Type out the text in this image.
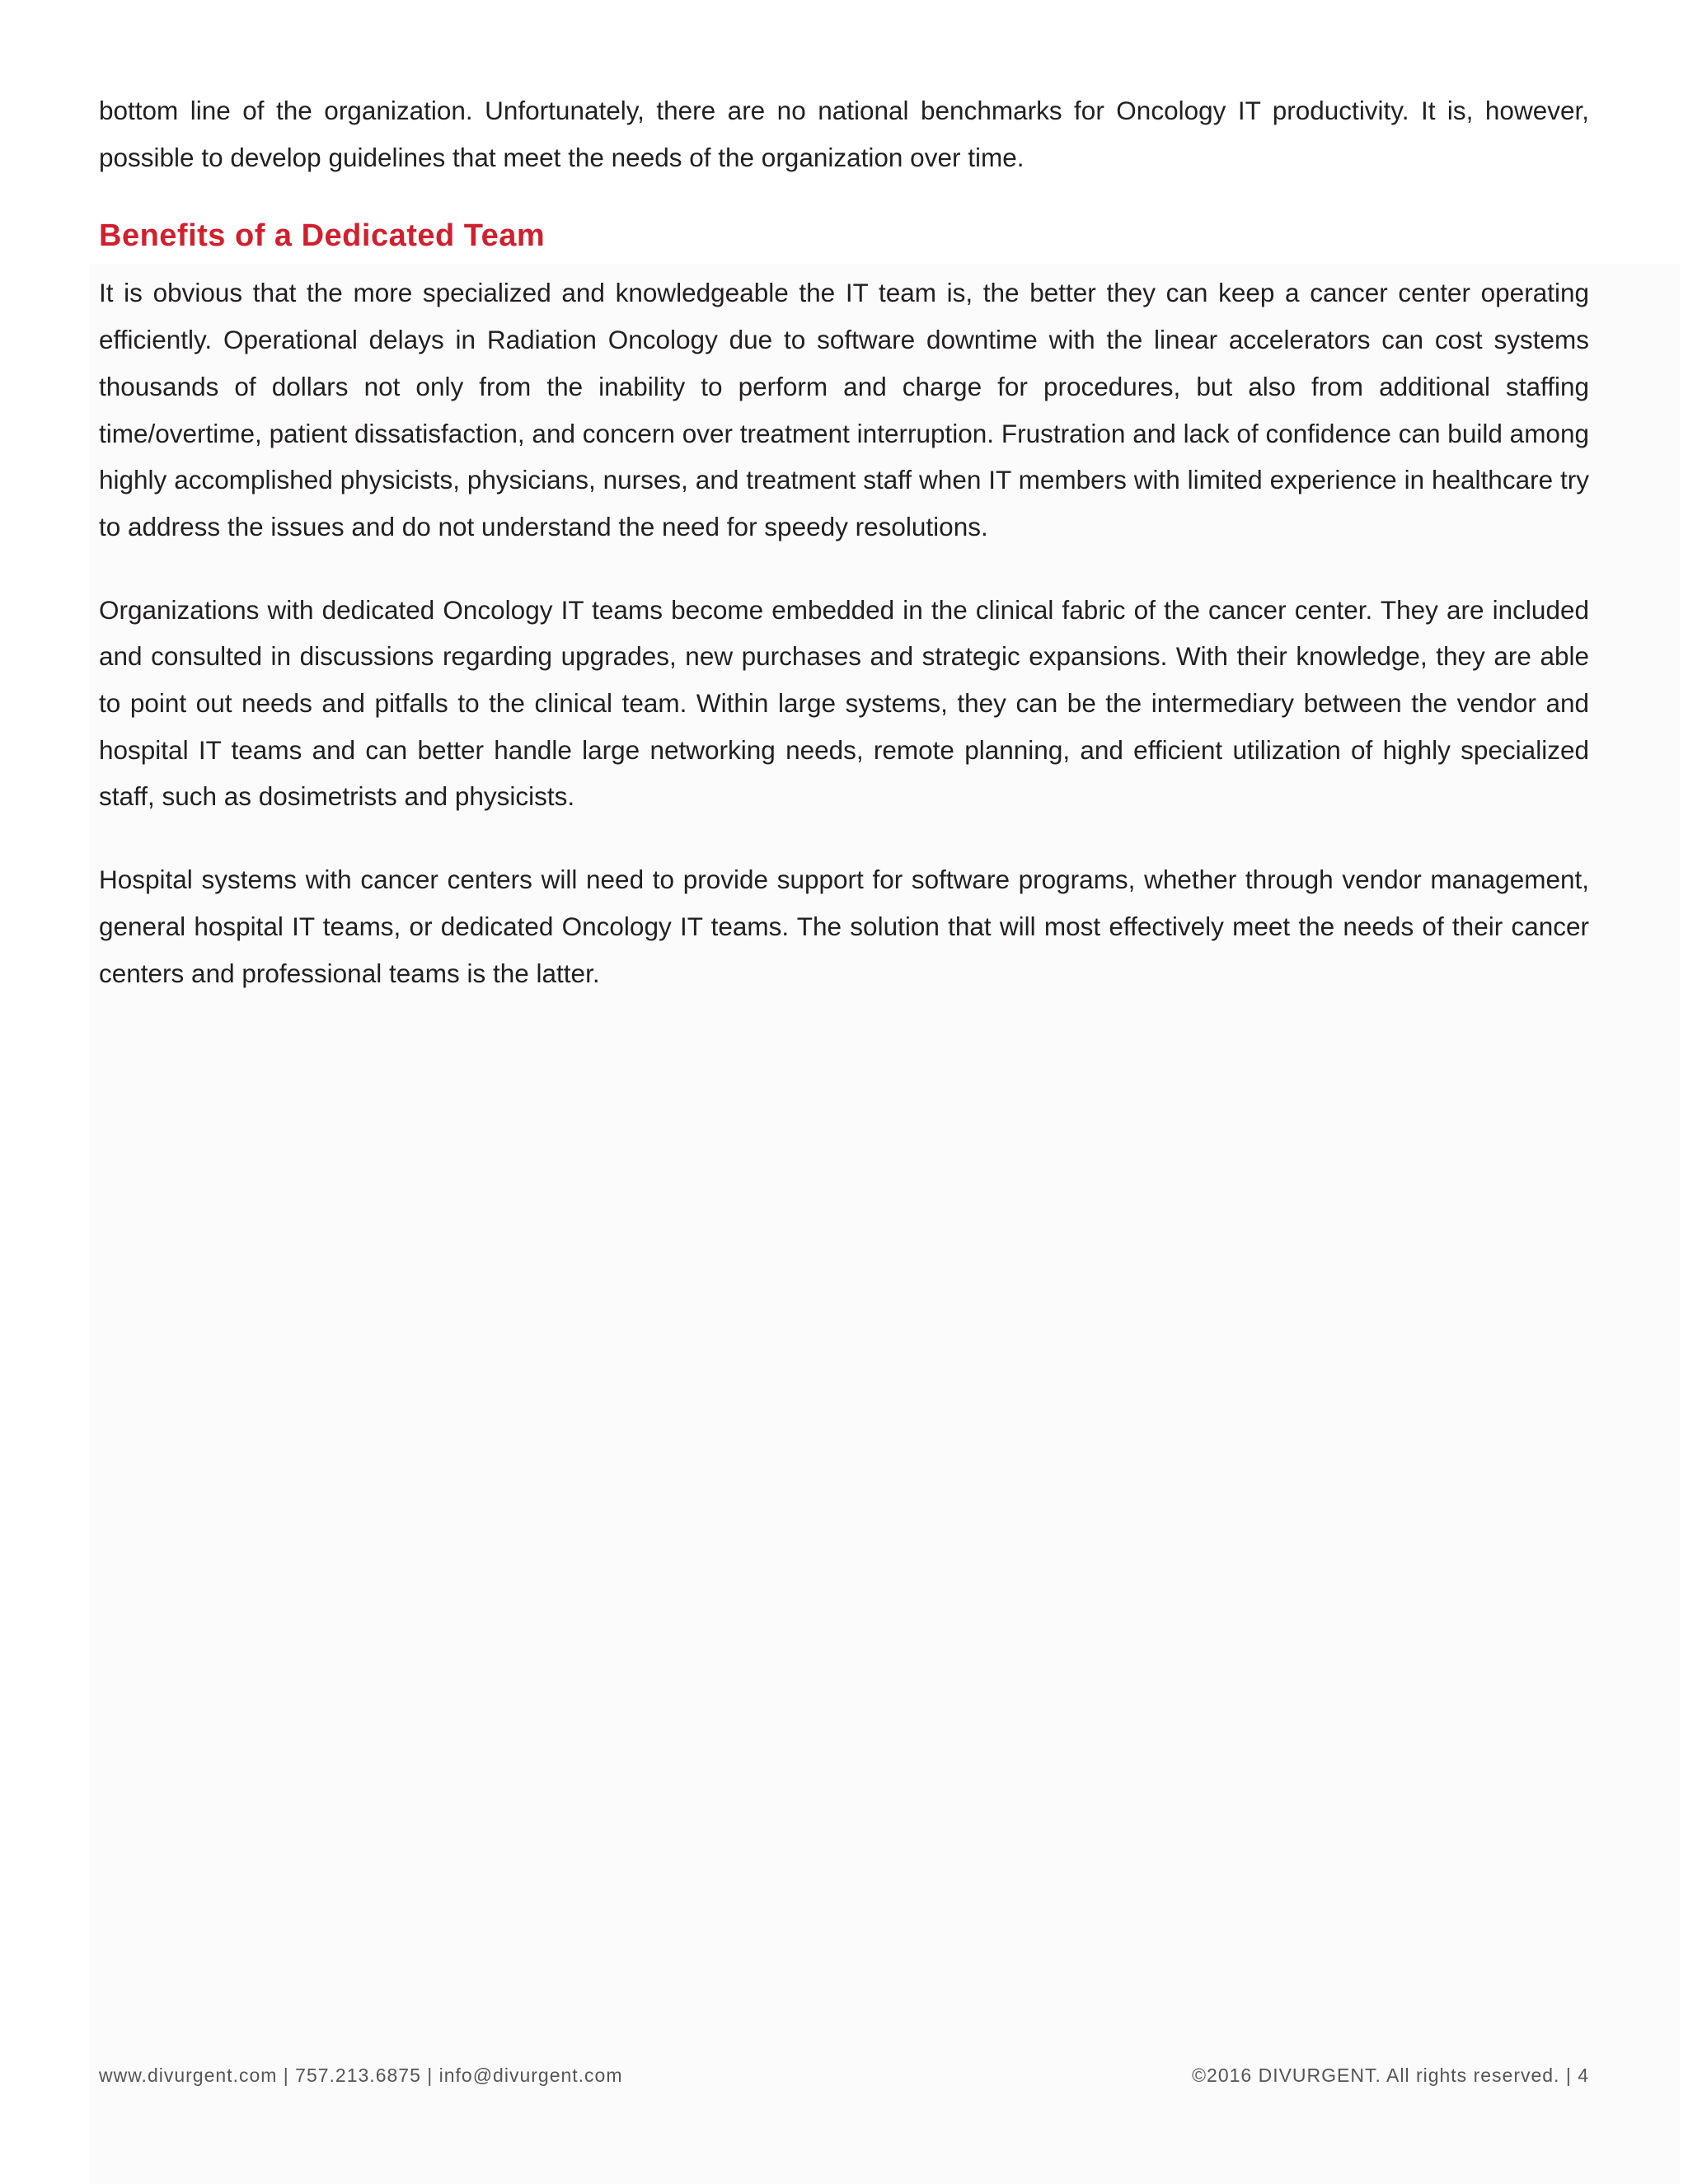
bottom line of the organization. Unfortunately, there are no national benchmarks for Oncology IT productivity. It is, however, possible to develop guidelines that meet the needs of the organization over time.

Benefits of a Dedicated Team

It is obvious that the more specialized and knowledgeable the IT team is, the better they can keep a cancer center operating efficiently. Operational delays in Radiation Oncology due to software downtime with the linear accelerators can cost systems thousands of dollars not only from the inability to perform and charge for procedures, but also from additional staffing time/overtime, patient dissatisfaction, and concern over treatment interruption. Frustration and lack of confidence can build among highly accomplished physicists, physicians, nurses, and treatment staff when IT members with limited experience in healthcare try to address the issues and do not understand the need for speedy resolutions.

Organizations with dedicated Oncology IT teams become embedded in the clinical fabric of the cancer center. They are included and consulted in discussions regarding upgrades, new purchases and strategic expansions. With their knowledge, they are able to point out needs and pitfalls to the clinical team. Within large systems, they can be the intermediary between the vendor and hospital IT teams and can better handle large networking needs, remote planning, and efficient utilization of highly specialized staff, such as dosimetrists and physicists.

Hospital systems with cancer centers will need to provide support for software programs, whether through vendor management, general hospital IT teams, or dedicated Oncology IT teams. The solution that will most effectively meet the needs of their cancer centers and professional teams is the latter.

www.divurgent.com | 757.213.6875 | info@divurgent.com	©2016 DIVURGENT. All rights reserved. | 4
